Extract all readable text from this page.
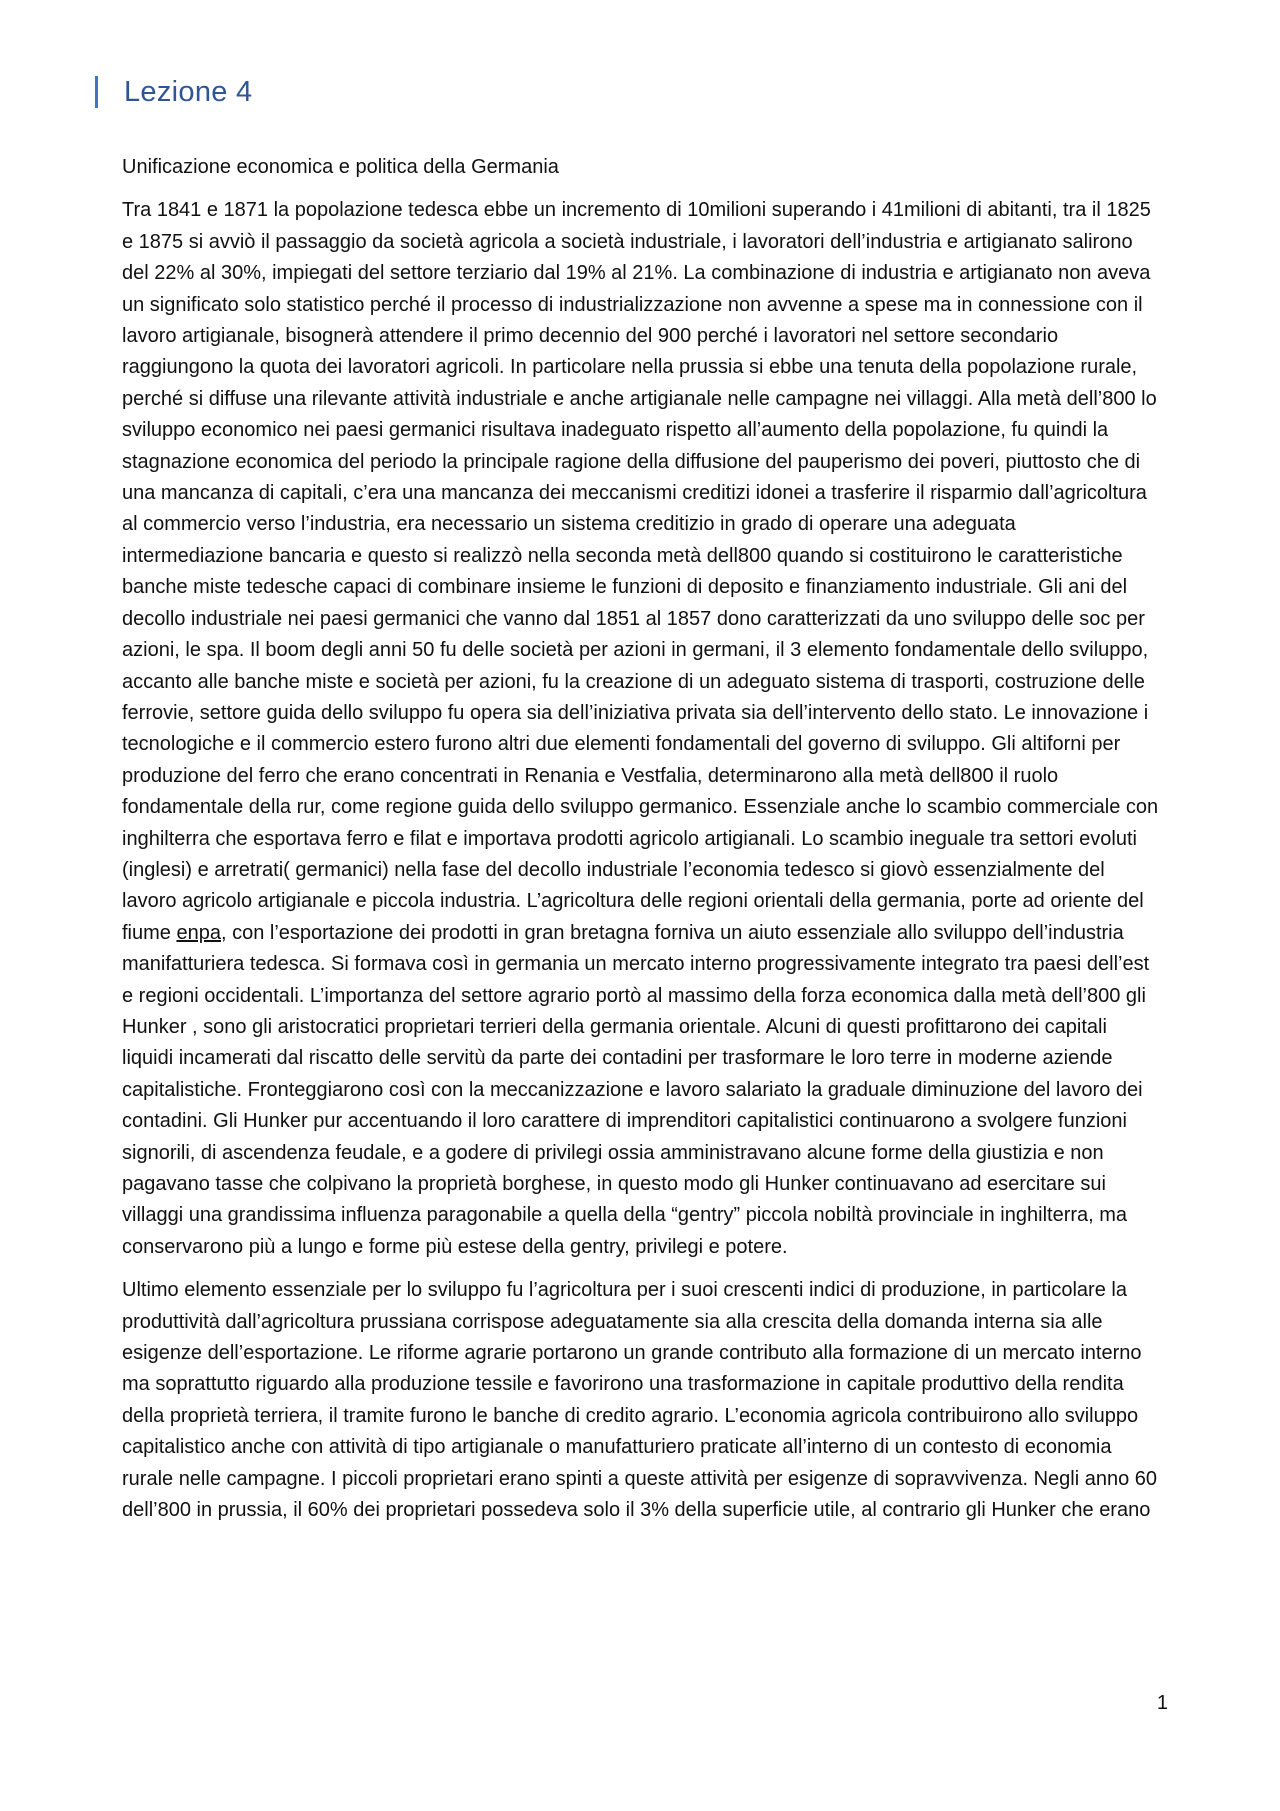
Lezione 4

Unificazione economica e politica della Germania

Tra 1841 e 1871 la popolazione tedesca ebbe un incremento di 10milioni superando i 41milioni di abitanti, tra il 1825 e 1875 si avviò il passaggio da società agricola a società industriale, i lavoratori dell’industria e artigianato salirono del 22% al 30%, impiegati del settore terziario dal 19% al 21%. La combinazione di industria e artigianato non aveva un significato solo statistico perché il processo di industrializzazione non avvenne a spese ma in connessione con il lavoro artigianale, bisognerà attendere il primo decennio del 900 perché i lavoratori nel settore secondario raggiungono la quota dei lavoratori agricoli. In particolare nella prussia si ebbe una tenuta della popolazione rurale, perché si diffuse una rilevante attività industriale e anche artigianale nelle campagne nei villaggi. Alla metà dell’800 lo sviluppo economico nei paesi germanici risultava inadeguato rispetto all’aumento della popolazione, fu quindi la stagnazione economica del periodo la principale ragione della diffusione del pauperismo dei poveri, piuttosto che di una mancanza di capitali, c’era una mancanza dei meccanismi creditizi idonei a trasferire il risparmio dall’agricoltura al commercio verso l’industria, era necessario un sistema creditizio in grado di operare una adeguata intermediazione bancaria e questo si realizzò nella seconda metà dell800 quando si costituirono le caratteristiche banche miste tedesche capaci di combinare insieme le funzioni di deposito e finanziamento industriale. Gli ani del decollo industriale nei paesi germanici che vanno dal 1851 al 1857 dono caratterizzati da uno sviluppo delle soc per azioni, le spa. Il boom degli anni 50 fu delle società per azioni in germani, il 3 elemento fondamentale dello sviluppo, accanto alle banche miste e società per azioni, fu la creazione di un adeguato sistema di trasporti, costruzione delle ferrovie, settore guida dello sviluppo fu opera sia dell’iniziativa privata sia dell’intervento dello stato. Le innovazione i tecnologiche e il commercio estero furono altri due elementi fondamentali del governo di sviluppo. Gli altiforni per produzione del ferro che erano concentrati in Renania e Vestfalia, determinarono alla metà dell800 il ruolo fondamentale della rur, come regione guida dello sviluppo germanico. Essenziale anche lo scambio commerciale con inghilterra che esportava ferro e filat e importava prodotti agricolo artigianali. Lo scambio ineguale tra settori evoluti (inglesi) e arretrati( germanici) nella fase del decollo industriale l’economia tedesco si giovò essenzialmente del lavoro agricolo artigianale e piccola industria. L’agricoltura delle regioni orientali della germania, porte ad oriente del fiume enpa, con l’esportazione dei prodotti in gran bretagna forniva un aiuto essenziale allo sviluppo dell’industria manifatturiera tedesca. Si formava così in germania un mercato interno progressivamente integrato tra paesi dell’est e regioni occidentali. L’importanza del settore agrario portò al massimo della forza economica dalla metà dell’800 gli Hunker , sono gli aristocratici proprietari terrieri della germania orientale. Alcuni di questi profittarono dei capitali liquidi incamerati dal riscatto delle servitù da parte dei contadini per trasformare le loro terre in moderne aziende capitalistiche. Fronteggiarono così con la meccanizzazione e lavoro salariato la graduale diminuzione del lavoro dei contadini. Gli Hunker pur accentuando il loro carattere di imprenditori capitalistici continuarono a svolgere funzioni signorili, di ascendenza feudale, e a godere di privilegi ossia amministravano alcune forme della giustizia e non pagavano tasse che colpivano la proprietà borghese, in questo modo gli Hunker continuavano ad esercitare sui villaggi una grandissima influenza paragonabile a quella della “gentry” piccola nobiltà provinciale in inghilterra, ma conservarono più a lungo e forme più estese della gentry, privilegi e potere.

Ultimo elemento essenziale per lo sviluppo fu l’agricoltura per i suoi crescenti indici di produzione, in particolare la produttività dall’agricoltura prussiana corrispose adeguatamente sia alla crescita della domanda interna sia alle esigenze dell’esportazione. Le riforme agrarie portarono un grande contributo alla formazione di un mercato interno ma soprattutto riguardo alla produzione tessile e favorirono una trasformazione in capitale produttivo della rendita della proprietà terriera, il tramite furono le banche di credito agrario. L’economia agricola contribuirono allo sviluppo capitalistico anche con attività di tipo artigianale o manufatturiero praticate all’interno di un contesto di economia rurale nelle campagne. I piccoli proprietari erano spinti a queste attività per esigenze di sopravvivenza. Negli anno 60 dell’800 in prussia, il 60% dei proprietari possedeva solo il 3% della superficie utile, al contrario gli Hunker che erano

1
